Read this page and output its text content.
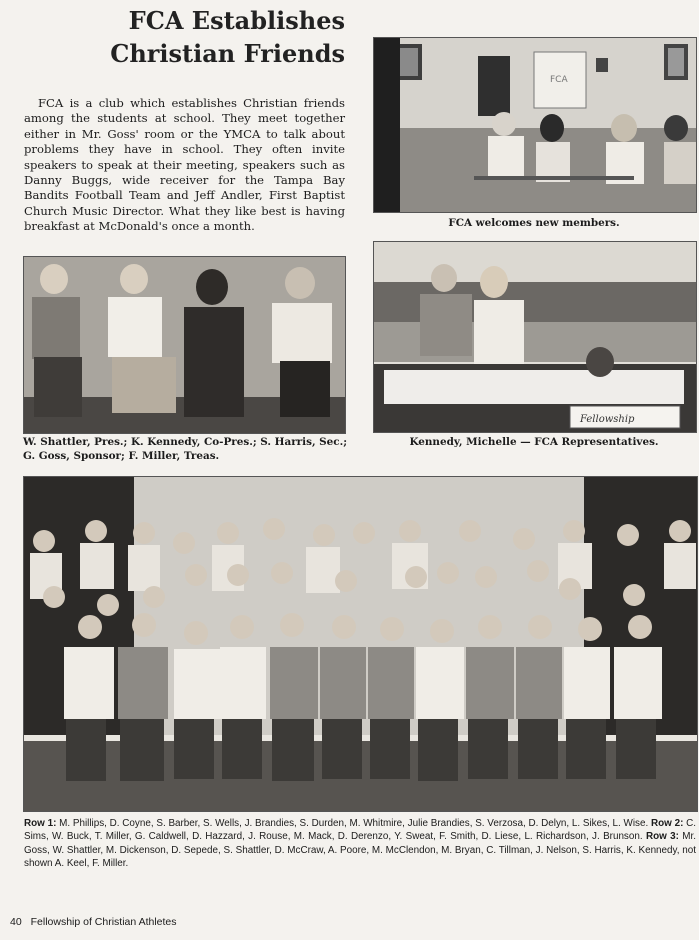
FCA Establishes
Christian Friends

FCA is a club which establishes Christian friends among the students at school. They meet together either in Mr. Goss' room or the YMCA to talk about problems they have in school. They often invite speakers to speak at their meeting, speakers such as Danny Buggs, wide receiver for the Tampa Bay Bandits Football Team and Jeff Andler, First Baptist Church Music Director. What they like best is having breakfast at McDonald's once a month.

FCA

FCA welcomes new members.

W. Shattler, Pres.; K. Kennedy, Co-Pres.; S. Harris, Sec.; G. Goss, Sponsor; F. Miller, Treas.

Fellowship

Kennedy, Michelle — FCA Representatives.

Row 1: M. Phillips, D. Coyne, S. Barber, S. Wells, J. Brandies, S. Durden, M. Whitmire, Julie Brandies, S. Verzosa, D. Delyn, L. Sikes, L. Wise. Row 2: C. Sims, W. Buck, T. Miller, G. Caldwell, D. Hazzard, J. Rouse, M. Mack, D. Derenzo, Y. Sweat, F. Smith, D. Liese, L. Richardson, J. Brunson. Row 3: Mr. Goss, W. Shattler, M. Dickenson, D. Sepede, S. Shattler, D. McCraw, A. Poore, M. McClendon, M. Bryan, C. Tillman, J. Nelson, S. Harris, K. Kennedy, not shown A. Keel, F. Miller.

40 Fellowship of Christian Athletes
